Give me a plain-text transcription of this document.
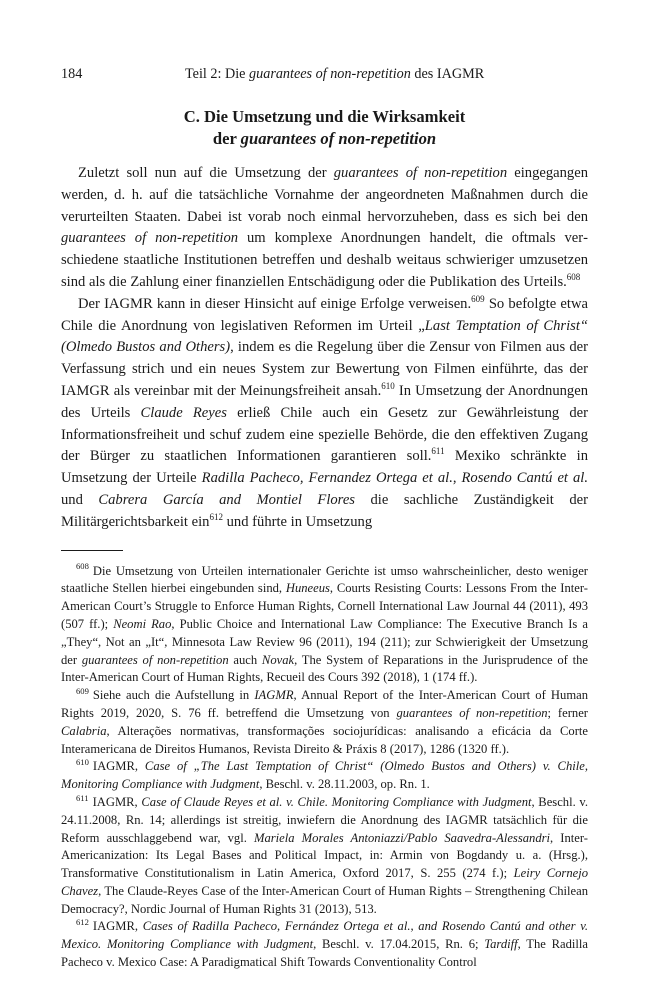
184	Teil 2: Die guarantees of non-repetition des IAGMR
C. Die Umsetzung und die Wirksamkeit
der guarantees of non-repetition

Zuletzt soll nun auf die Umsetzung der guarantees of non-repetition eingegangen werden, d. h. auf die tatsächliche Vornahme der angeordneten Maßnahmen durch die verurteilten Staaten. Dabei ist vorab noch einmal hervorzuheben, dass es sich bei den guarantees of non-repetition um komplexe Anordnungen handelt, die oftmals verschiedene staatliche Institutionen betreffen und deshalb weitaus schwieriger umzusetzen sind als die Zahlung einer finanziellen Entschädigung oder die Publikation des Urteils.$^{608}$

Der IAGMR kann in dieser Hinsicht auf einige Erfolge verweisen.$^{609}$ So befolgte etwa Chile die Anordnung von legislativen Reformen im Urteil „Last Temptation of Christ“ (Olmedo Bustos and Others), indem es die Regelung über die Zensur von Filmen aus der Verfassung strich und ein neues System zur Bewertung von Filmen einführte, das der IAMGR als vereinbar mit der Meinungsfreiheit ansah.$^{610}$ In Umsetzung der Anordnungen des Urteils Claude Reyes erließ Chile auch ein Gesetz zur Gewährleistung der Informationsfreiheit und schuf zudem eine spezielle Behörde, die den effektiven Zugang der Bürger zu staatlichen Informationen garantieren soll.$^{611}$ Mexiko schränkte in Umsetzung der Urteile Radilla Pacheco, Fernandez Ortega et al., Rosendo Cantú et al. und Cabrera García and Montiel Flores die sachliche Zuständigkeit der Militärgerichtsbarkeit ein$^{612}$ und führte in Umsetzung

$^{608}$ Die Umsetzung von Urteilen internationaler Gerichte ist umso wahrscheinlicher, desto weniger staatliche Stellen hierbei eingebunden sind, Huneeus, Courts Resisting Courts: Lessons From the Inter-American Court’s Struggle to Enforce Human Rights, Cornell International Law Journal 44 (2011), 493 (507 ff.); Neomi Rao, Public Choice and International Law Compliance: The Executive Branch Is a „They“, Not an „It“, Minnesota Law Review 96 (2011), 194 (211); zur Schwierigkeit der Umsetzung der guarantees of non-repetition auch Novak, The System of Reparations in the Jurisprudence of the Inter-American Court of Human Rights, Recueil des Cours 392 (2018), 1 (174 ff.).

$^{609}$ Siehe auch die Aufstellung in IAGMR, Annual Report of the Inter-American Court of Human Rights 2019, 2020, S. 76 ff. betreffend die Umsetzung von guarantees of non-repetition; ferner Calabria, Alterações normativas, transformações sociojurídicas: analisando a eficácia da Corte Interamericana de Direitos Humanos, Revista Direito & Práxis 8 (2017), 1286 (1320 ff.).

$^{610}$ IAGMR, Case of „The Last Temptation of Christ“ (Olmedo Bustos and Others) v. Chile, Monitoring Compliance with Judgment, Beschl. v. 28.11.2003, op. Rn. 1.

$^{611}$ IAGMR, Case of Claude Reyes et al. v. Chile. Monitoring Compliance with Judgment, Beschl. v. 24.11.2008, Rn. 14; allerdings ist streitig, inwiefern die Anordnung des IAGMR tatsächlich für die Reform ausschlaggebend war, vgl. Mariela Morales Antoniazzi/Pablo Saavedra-Alessandri, Inter-Americanization: Its Legal Bases and Political Impact, in: Armin von Bogdandy u. a. (Hrsg.), Transformative Constitutionalism in Latin America, Oxford 2017, S. 255 (274 f.); Leiry Cornejo Chavez, The Claude-Reyes Case of the Inter-American Court of Human Rights – Strengthening Chilean Democracy?, Nordic Journal of Human Rights 31 (2013), 513.

$^{612}$ IAGMR, Cases of Radilla Pacheco, Fernández Ortega et al., and Rosendo Cantú and other v. Mexico. Monitoring Compliance with Judgment, Beschl. v. 17.04.2015, Rn. 6; Tardiff, The Radilla Pacheco v. Mexico Case: A Paradigmatical Shift Towards Conventionality Control
